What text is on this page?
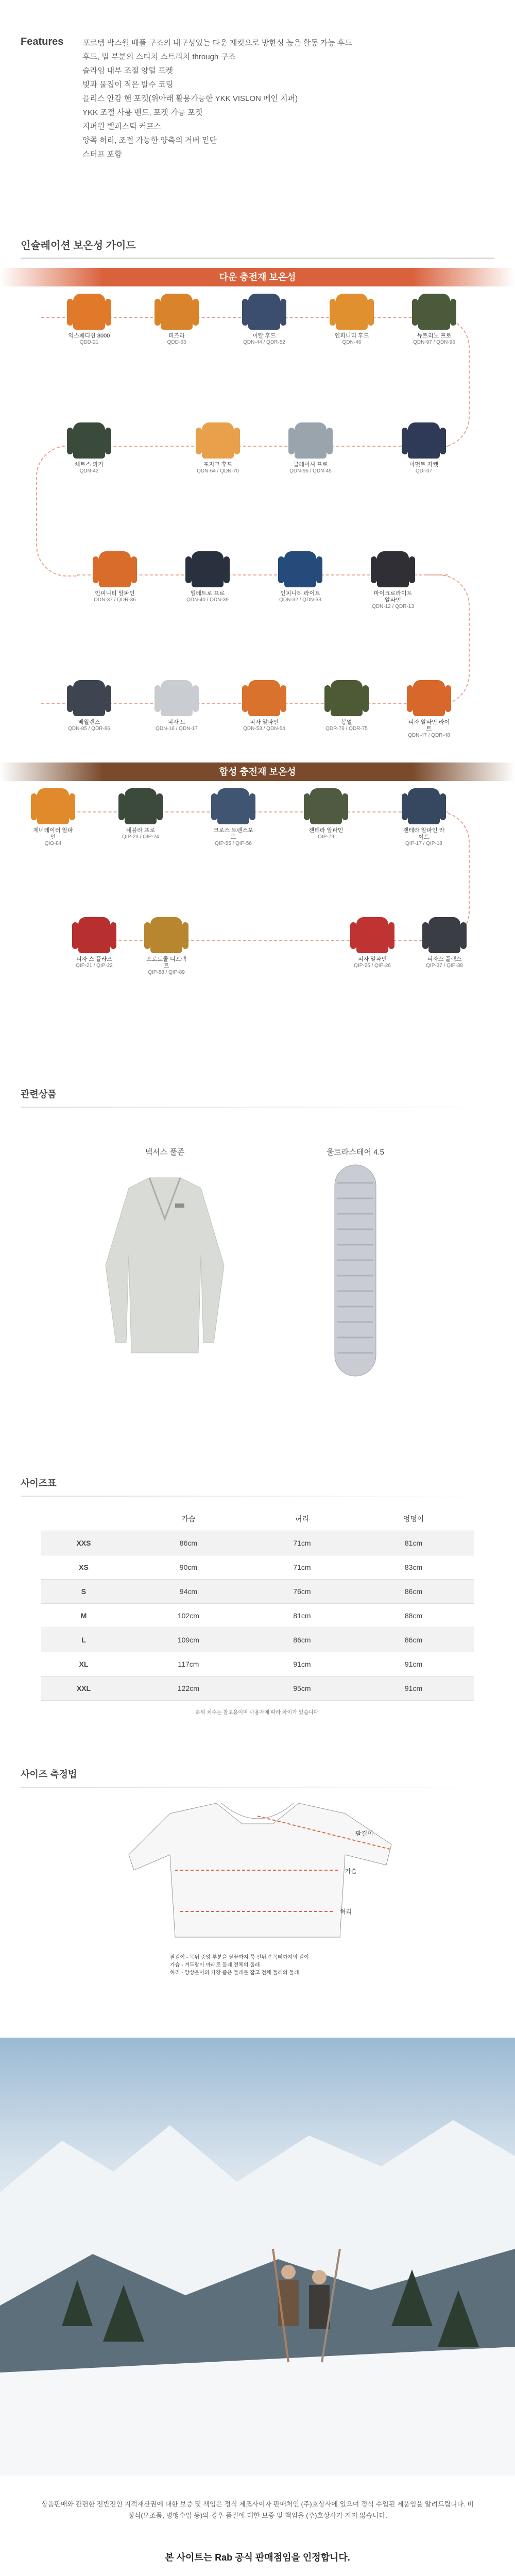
Features 포르템 박스월 배플 구조의 내구성있는 다운 재킷으로 방한성 높은 활동 가능 후드
후드, 밑 부분의 스티치 스트리치 through 구조
슬라임 내부 조절 양털 포켓
빛과 물집이 적은 발수 코팅
플리스 안감 핸 포켓(위아래 활용가능한 YKK VISLON 메인 지퍼)
YKK 조절 사용 밴드, 포켓 가능 포켓
지퍼원 밸피스틱 커프스
양쪽 허리, 조절 가능한 양측의 거버 밑단
스터프 포함
인슐레이션 보온성 가이드
다운 충전재 보온성
익스페디션 8000
QDD-21
퍼즈라
QDD-63
이탈 후드
QDN-44 / QDR-52
인피니티 후드
QDN-46
뉴트리노 프로
QDN-97 / QDN-96
체트스 파카
QDN-42
포지크 후드
QDN-64 / QDN-70
글레이셔 프로
QDN-96 / QDN-45
마멋트 자켓
QDI-07
인피니티 알파인
QDN-37 / QDR-36
일레트로 프로
QDN-40 / QDN-39
인피니티 라이트
QDN-32 / QDN-33
마이크로라이트 알파인
QDN-12 / QDR-13
베일렌스
QDN-85 / QDR-86
피자 드
QDN-16 / QDN-17
피자 알파인
QDN-53 / QDN-54
봉얼
QDR-76 / QDR-75
피자 알파인 라이트
QDN-47 / QDR-48
합성 충전재 보온성
제너레이터 알파인
QIO-84
네블라 프로
QIP-23 / QIP-24
크로스 트렌스포트
QIP-55 / QIP-56
젠테라 알파인
QIP-79
젠테라 알파인 라이트
QIP-17 / QIP-18
피자 스 플라즈
QIP-21 / QIP-22
프로토콜 디프렉트
QIP-88 / QIP-89
피자 알파인
QIP-25 / QIP-26
피자스 플렉스
QIP-37 / QIP-38
관련상품
넥서스 풀존	울트라스테어 4.5
사이즈표
	가슴	허리	엉덩이
XXS	86cm	71cm	81cm
XS	90cm	71cm	83cm
S	94cm	76cm	86cm
M	102cm	81cm	88cm
L	109cm	86cm	86cm
XL	117cm	91cm	91cm
XXL	122cm	95cm	91cm
※위 치수는 참고용이며 사용자에 따라 차이가 있습니다.
사이즈 측정법
팔길이
가슴
허리
팔길이 - 목뒤 중앙 부분을 팔끝까지 쭉 선뒤 손목뼈까지의 길이
가슴 - 겨드랑이 아래로 둘레 전체의 둘레
허리 - 앙상블이의 가장 좁은 둘레를 잡고 전체 둘레의 둘레
상품판매와 관련한 전반전인 지적재산권에 대한 보증 및 책임은 정식 제조사이자 판매처인 (주)호상사에 있으며 정식 수입된 제품임을 알려드립니다. 비정식(모조품, 병행수입 등)의 경우 품질에 대한 보증 및 책임을 (주)호상사가 지지 않습니다.
본 사이트는 Rab 공식 판매점임을 인정합니다.
